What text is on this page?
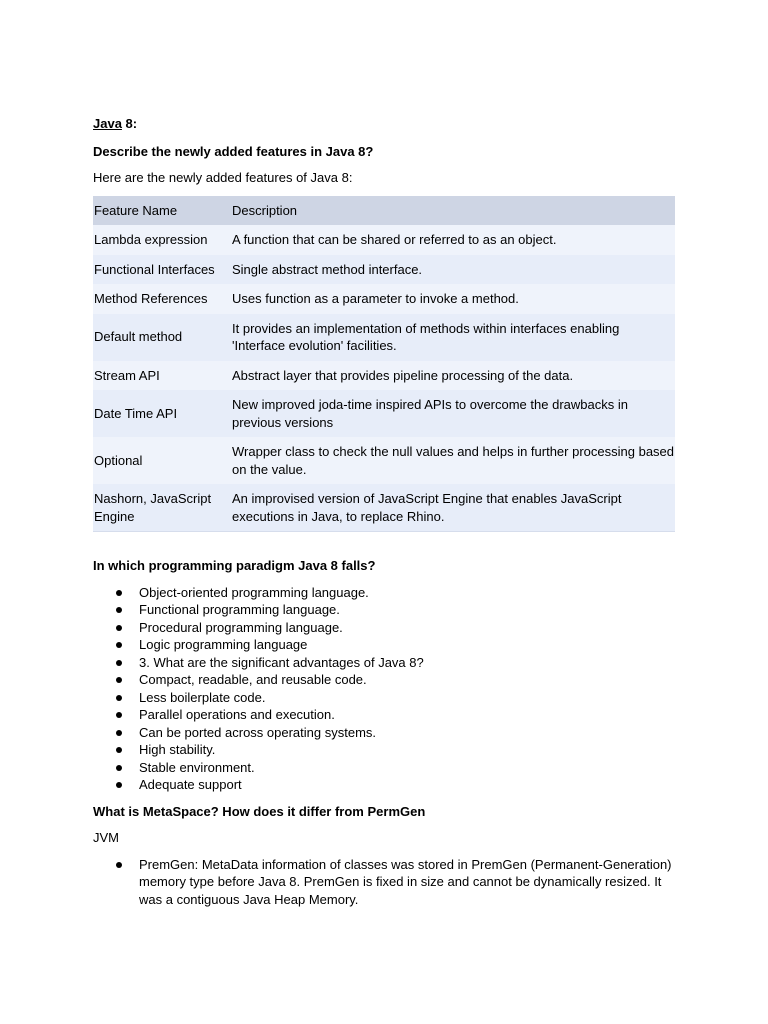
Java 8:
Describe the newly added features in Java 8?
Here are the newly added features of Java 8:
Feature Name	Description
Lambda expression	A function that can be shared or referred to as an object.
Functional Interfaces	Single abstract method interface.
Method References	Uses function as a parameter to invoke a method.
Default method	It provides an implementation of methods within interfaces enabling 'Interface evolution' facilities.
Stream API	Abstract layer that provides pipeline processing of the data.
Date Time API	New improved joda-time inspired APIs to overcome the drawbacks in previous versions
Optional	Wrapper class to check the null values and helps in further processing based on the value.
Nashorn, JavaScript Engine	An improvised version of JavaScript Engine that enables JavaScript executions in Java, to replace Rhino.
In which programming paradigm Java 8 falls?
Object-oriented programming language.
Functional programming language.
Procedural programming language.
Logic programming language
3. What are the significant advantages of Java 8?
Compact, readable, and reusable code.
Less boilerplate code.
Parallel operations and execution.
Can be ported across operating systems.
High stability.
Stable environment.
Adequate support
What is MetaSpace? How does it differ from PermGen
JVM
PremGen: MetaData information of classes was stored in PremGen (Permanent-Generation) memory type before Java 8. PremGen is fixed in size and cannot be dynamically resized. It was a contiguous Java Heap Memory.
